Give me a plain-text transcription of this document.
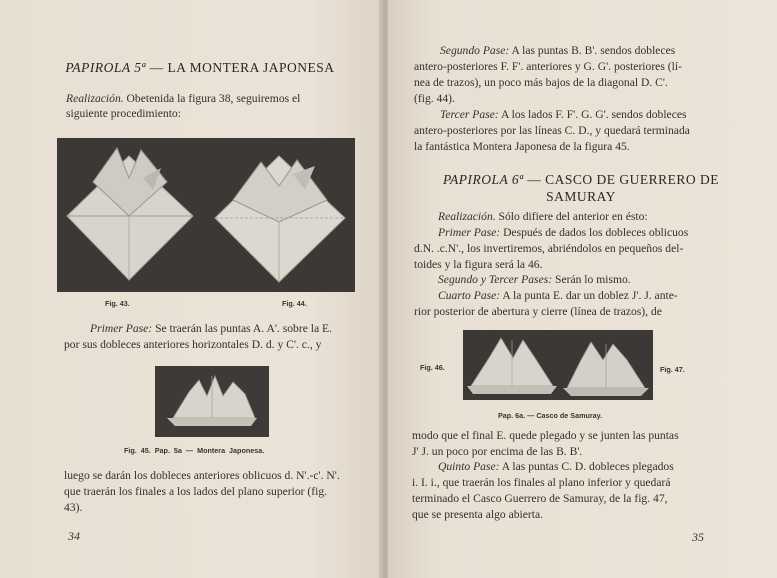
PAPIROLA 5ª — LA MONTERA JAPONESA

Realización. Obetenida la figura 38, seguiremos el

siguiente procedimiento:

Fig. 43.	Fig. 44.

Primer Pase: Se traerán las puntas A. A'. sobre la E.

por sus dobleces anteriores horizontales D. d. y C'. c., y

Fig. 45. Pap. 5a — Montera Japonesa.

luego se darán los dobleces anteriores oblicuos d. N'.-c'. N'.

que traerán los finales a los lados del plano superior (fig.

43).

34

Segundo Pase: A las puntas B. B'. sendos dobleces

antero-posteriores F. F'. anteriores y G. G'. posteriores (lí-

nea de trazos), un poco más bajos de la diagonal D. C'.

(fig. 44).

Tercer Pase: A los lados F. F'. G. G'. sendos dobleces

antero-posteriores por las líneas C. D., y quedará terminada

la fantástica Montera Japonesa de la figura 45.

PAPIROLA 6ª — CASCO DE GUERRERO DE
SAMURAY

Realización. Sólo difiere del anterior en ésto:

Primer Pase: Después de dados los dobleces oblicuos

d.N. .c.N'., los invertiremos, abriéndolos en pequeños del-

toides y la figura será la 46.

Segundo y Tercer Pases: Serán lo mismo.

Cuarto Pase: A la punta E. dar un doblez J'. J. ante-

rior posterior de abertura y cierre (línea de trazos), de

Fig. 46.	Fig. 47.
Pap. 6a. — Casco de Samuray.

modo que el final E. quede plegado y se junten las puntas

J' J. un poco por encima de las B. B'.

Quinto Pase: A las puntas C. D. dobleces plegados

i. I. i., que traerán los finales al plano inferior y quedará

terminado el Casco Guerrero de Samuray, de la fig. 47,

que se presenta algo abierta.

35
